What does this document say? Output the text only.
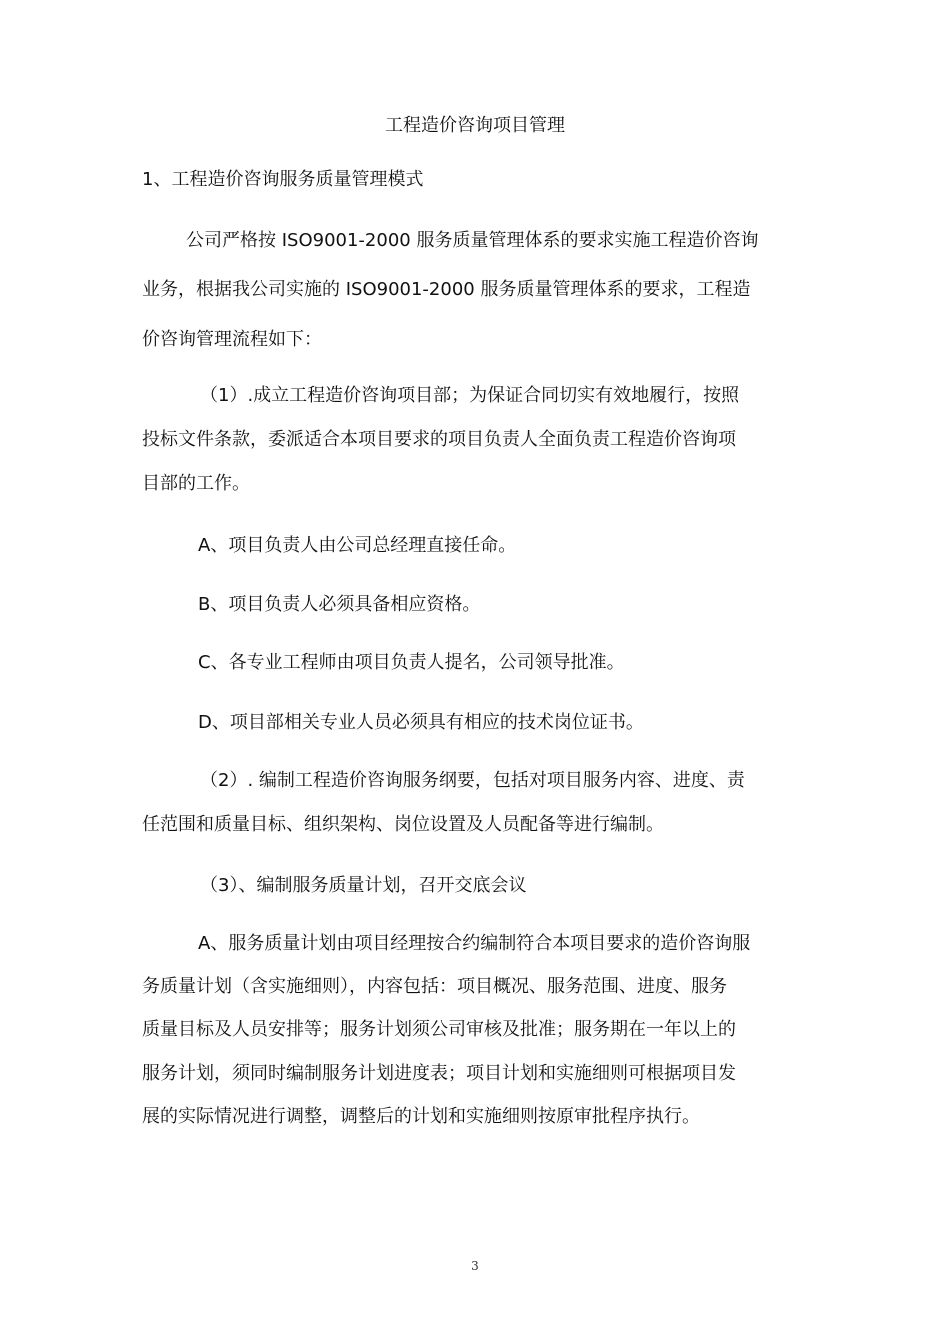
工程造价咨询项目管理
1、工程造价咨询服务质量管理模式
公司严格按 ISO9001-2000 服务质量管理体系的要求实施工程造价咨询
业务，根据我公司实施的 ISO9001-2000 服务质量管理体系的要求，工程造
价咨询管理流程如下：
（1）.成立工程造价咨询项目部；为保证合同切实有效地履行，按照
投标文件条款，委派适合本项目要求的项目负责人全面负责工程造价咨询项
目部的工作。
A、项目负责人由公司总经理直接任命。
B、项目负责人必须具备相应资格。
C、各专业工程师由项目负责人提名，公司领导批准。
D、项目部相关专业人员必须具有相应的技术岗位证书。
（2）. 编制工程造价咨询服务纲要，包括对项目服务内容、进度、责
任范围和质量目标、组织架构、岗位设置及人员配备等进行编制。
（3）、编制服务质量计划，召开交底会议
A、服务质量计划由项目经理按合约编制符合本项目要求的造价咨询服
务质量计划（含实施细则），内容包括：项目概况、服务范围、进度、服务
质量目标及人员安排等；服务计划须公司审核及批准；服务期在一年以上的
服务计划，须同时编制服务计划进度表；项目计划和实施细则可根据项目发
展的实际情况进行调整，调整后的计划和实施细则按原审批程序执行。
3
